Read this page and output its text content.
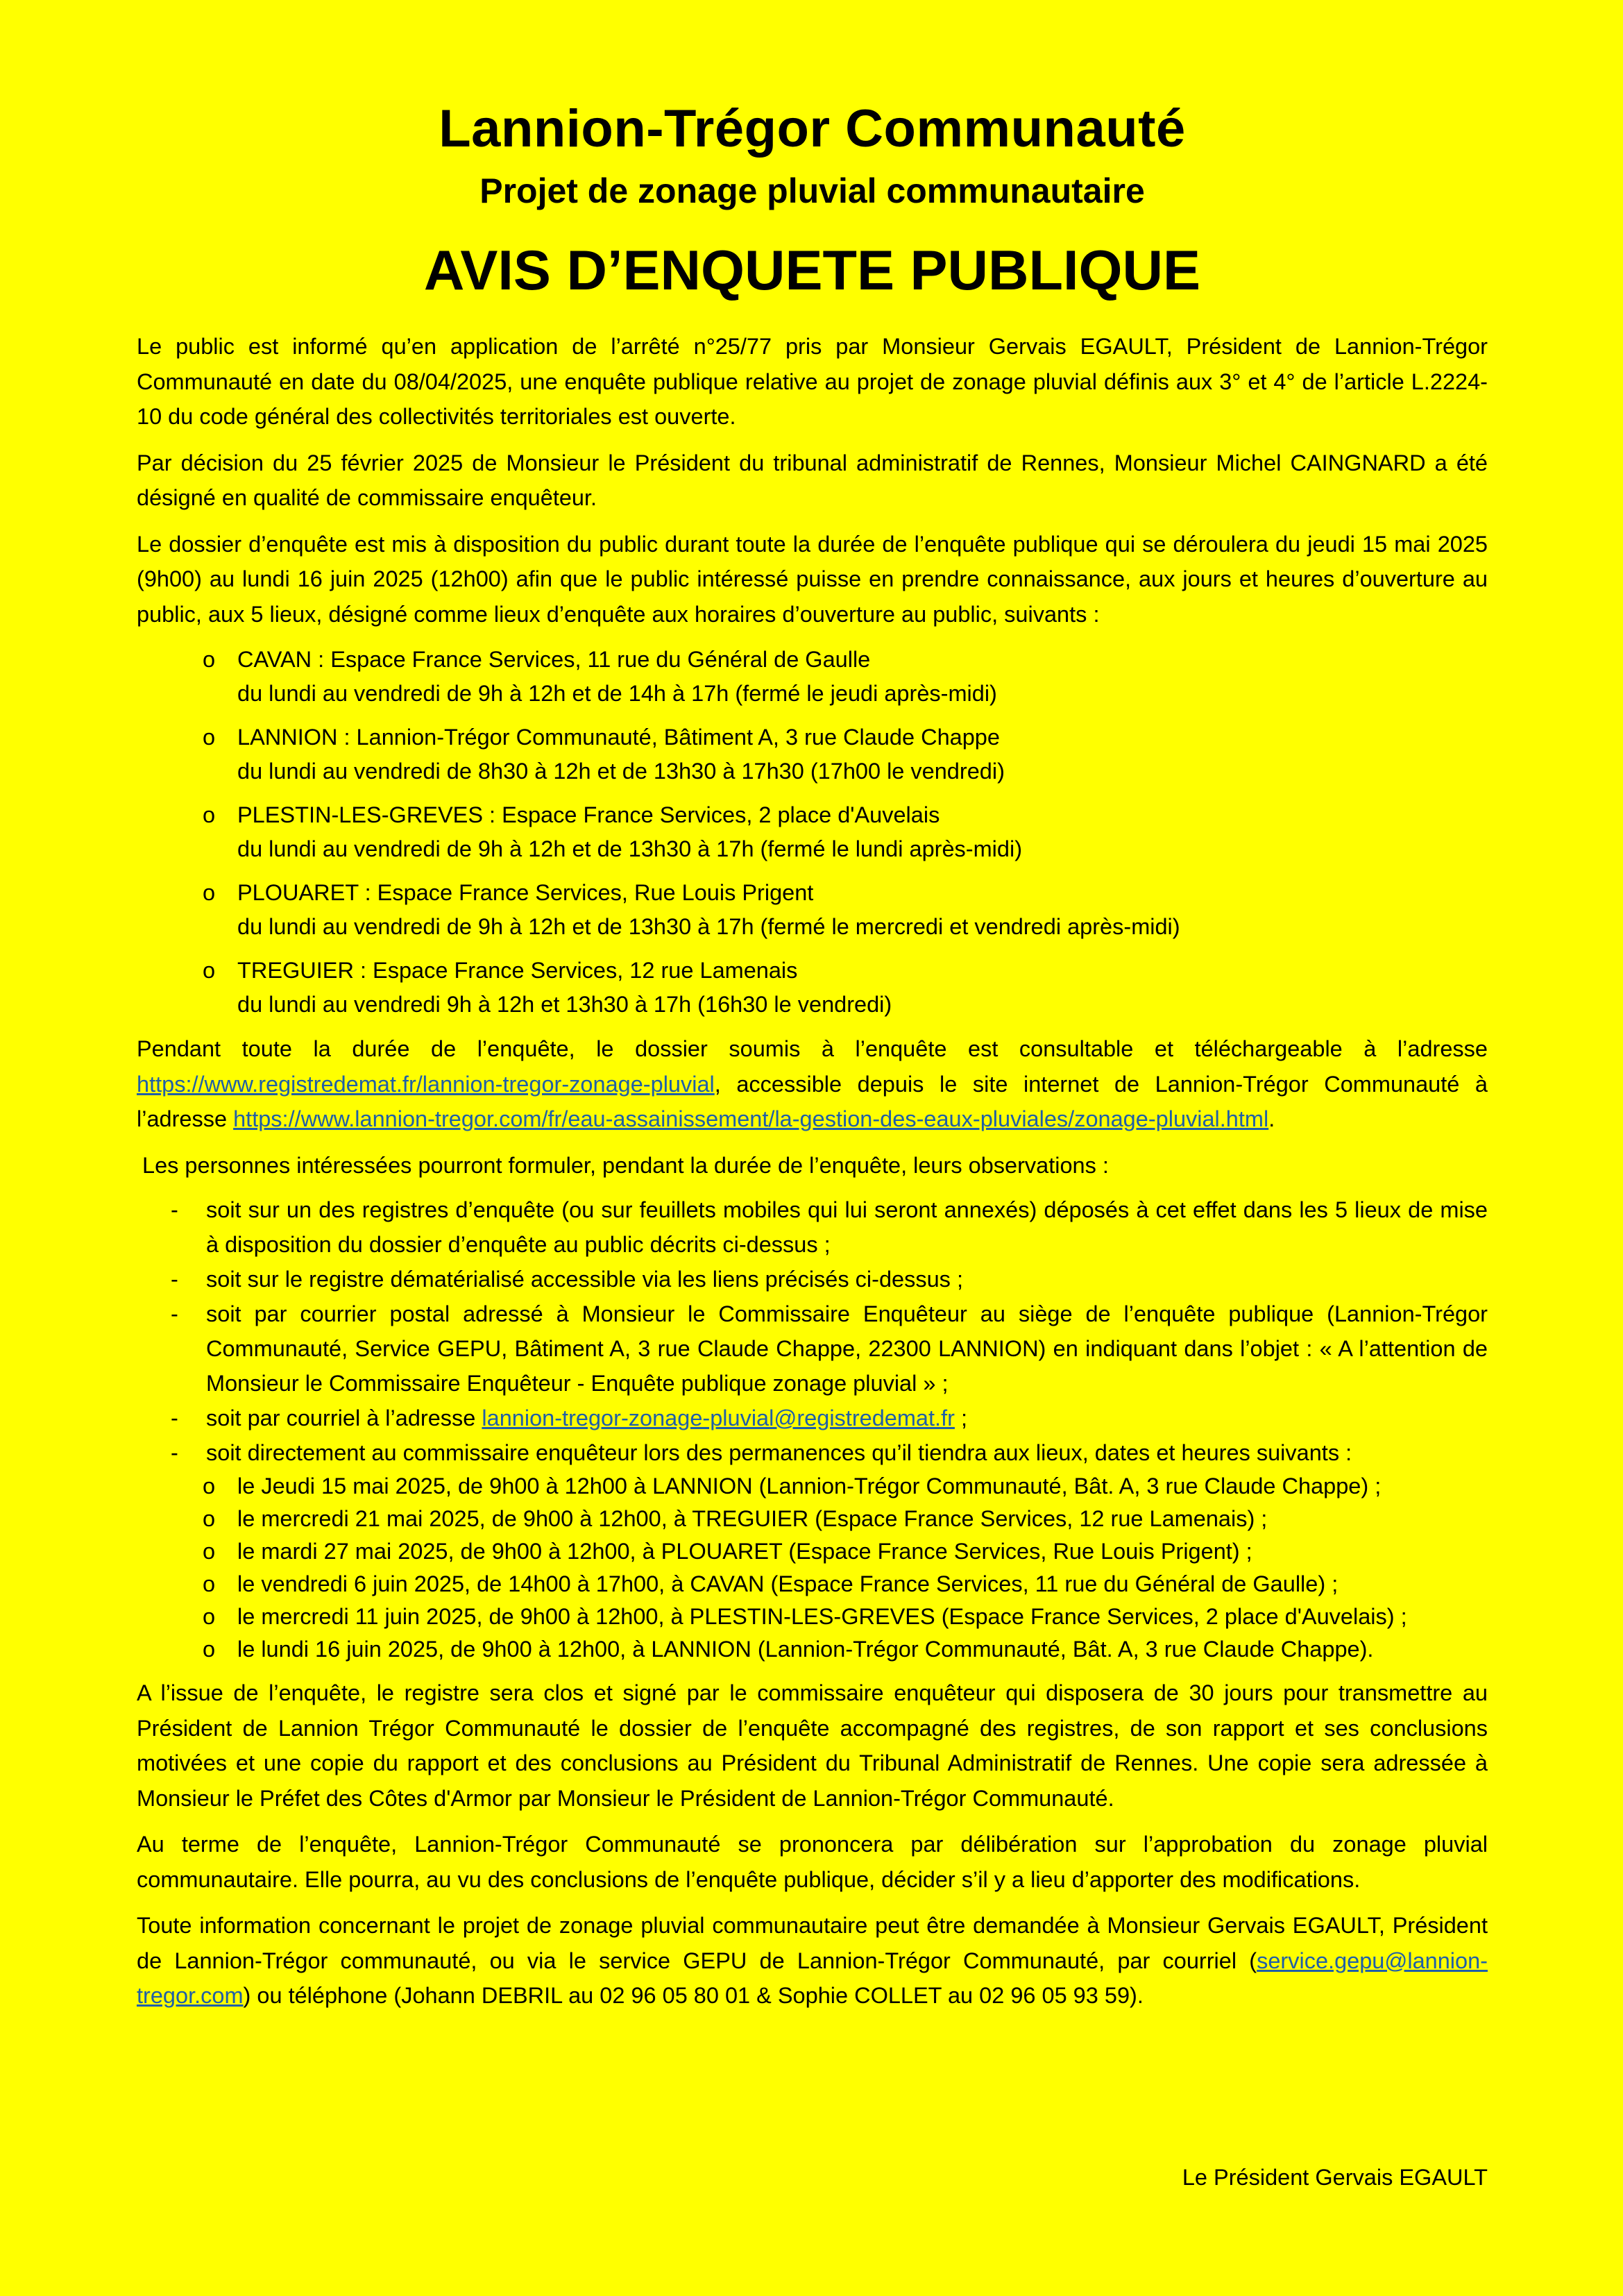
Lannion-Trégor Communauté
Projet de zonage pluvial communautaire
AVIS D’ENQUETE PUBLIQUE

Le public est informé qu’en application de l’arrêté n°25/77 pris par Monsieur Gervais EGAULT, Président de Lannion-Trégor Communauté en date du 08/04/2025, une enquête publique relative au projet de zonage pluvial définis aux 3° et 4° de l’article L.2224-10 du code général des collectivités territoriales est ouverte.

Par décision du 25 février 2025 de Monsieur le Président du tribunal administratif de Rennes, Monsieur Michel CAINGNARD a été désigné en qualité de commissaire enquêteur.

Le dossier d’enquête est mis à disposition du public durant toute la durée de l’enquête publique qui se déroulera du jeudi 15 mai 2025 (9h00) au lundi 16 juin 2025 (12h00) afin que le public intéressé puisse en prendre connaissance, aux jours et heures d’ouverture au public, aux 5 lieux, désigné comme lieux d’enquête aux horaires d’ouverture au public, suivants :

o CAVAN : Espace France Services, 11 rue du Général de Gaulle
du lundi au vendredi de 9h à 12h et de 14h à 17h (fermé le jeudi après-midi)
o LANNION : Lannion-Trégor Communauté, Bâtiment A, 3 rue Claude Chappe
du lundi au vendredi de 8h30 à 12h et de 13h30 à 17h30 (17h00 le vendredi)
o PLESTIN-LES-GREVES : Espace France Services, 2 place d'Auvelais
du lundi au vendredi de 9h à 12h et de 13h30 à 17h (fermé le lundi après-midi)
o PLOUARET : Espace France Services, Rue Louis Prigent
du lundi au vendredi de 9h à 12h et de 13h30 à 17h (fermé le mercredi et vendredi après-midi)
o TREGUIER : Espace France Services, 12 rue Lamenais
du lundi au vendredi 9h à 12h et 13h30 à 17h (16h30 le vendredi)

Pendant toute la durée de l’enquête, le dossier soumis à l’enquête est consultable et téléchargeable à l’adresse https://www.registredemat.fr/lannion-tregor-zonage-pluvial, accessible depuis le site internet de Lannion-Trégor Communauté à l’adresse https://www.lannion-tregor.com/fr/eau-assainissement/la-gestion-des-eaux-pluviales/zonage-pluvial.html.

Les personnes intéressées pourront formuler, pendant la durée de l’enquête, leurs observations :

- soit sur un des registres d’enquête (ou sur feuillets mobiles qui lui seront annexés) déposés à cet effet dans les 5 lieux de mise à disposition du dossier d’enquête au public décrits ci-dessus ;
- soit sur le registre dématérialisé accessible via les liens précisés ci-dessus ;
- soit par courrier postal adressé à Monsieur le Commissaire Enquêteur au siège de l’enquête publique (Lannion-Trégor Communauté, Service GEPU, Bâtiment A, 3 rue Claude Chappe, 22300 LANNION) en indiquant dans l’objet : « A l’attention de Monsieur le Commissaire Enquêteur - Enquête publique zonage pluvial » ;
- soit par courriel à l’adresse lannion-tregor-zonage-pluvial@registredemat.fr ;
- soit directement au commissaire enquêteur lors des permanences qu’il tiendra aux lieux, dates et heures suivants :
o le Jeudi 15 mai 2025, de 9h00 à 12h00 à LANNION (Lannion-Trégor Communauté, Bât. A, 3 rue Claude Chappe) ;
o le mercredi 21 mai 2025, de 9h00 à 12h00, à TREGUIER (Espace France Services, 12 rue Lamenais) ;
o le mardi 27 mai 2025, de 9h00 à 12h00, à PLOUARET (Espace France Services, Rue Louis Prigent) ;
o le vendredi 6 juin 2025, de 14h00 à 17h00, à CAVAN (Espace France Services, 11 rue du Général de Gaulle) ;
o le mercredi 11 juin 2025, de 9h00 à 12h00, à PLESTIN-LES-GREVES (Espace France Services, 2 place d'Auvelais) ;
o le lundi 16 juin 2025, de 9h00 à 12h00, à LANNION (Lannion-Trégor Communauté, Bât. A, 3 rue Claude Chappe).

A l’issue de l’enquête, le registre sera clos et signé par le commissaire enquêteur qui disposera de 30 jours pour transmettre au Président de Lannion Trégor Communauté le dossier de l’enquête accompagné des registres, de son rapport et ses conclusions motivées et une copie du rapport et des conclusions au Président du Tribunal Administratif de Rennes. Une copie sera adressée à Monsieur le Préfet des Côtes d'Armor par Monsieur le Président de Lannion-Trégor Communauté.

Au terme de l’enquête, Lannion-Trégor Communauté se prononcera par délibération sur l’approbation du zonage pluvial communautaire. Elle pourra, au vu des conclusions de l’enquête publique, décider s’il y a lieu d’apporter des modifications.

Toute information concernant le projet de zonage pluvial communautaire peut être demandée à Monsieur Gervais EGAULT, Président de Lannion-Trégor communauté, ou via le service GEPU de Lannion-Trégor Communauté, par courriel (service.gepu@lannion-tregor.com) ou téléphone (Johann DEBRIL au 02 96 05 80 01 & Sophie COLLET au 02 96 05 93 59).

Le Président Gervais EGAULT
